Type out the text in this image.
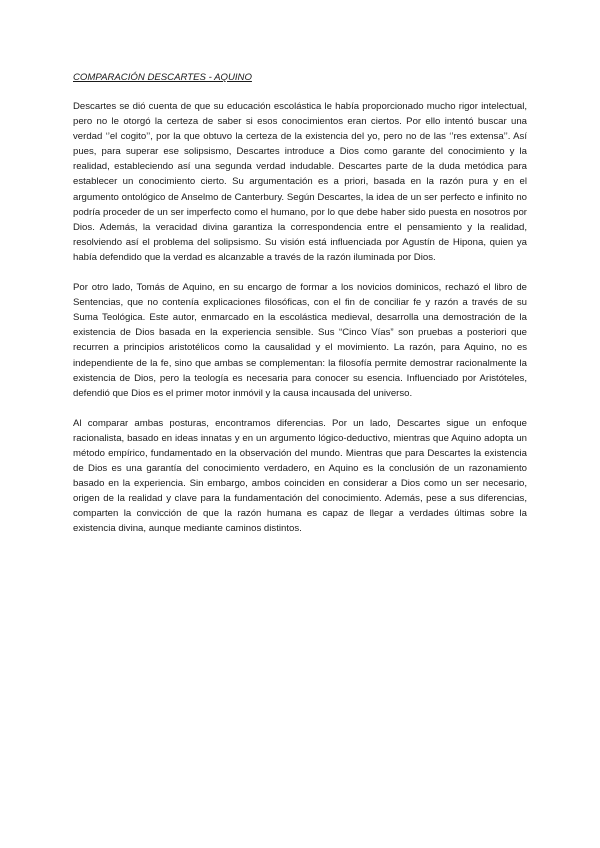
COMPARACIÓN DESCARTES - AQUINO

Descartes se dió cuenta de que su educación escolástica le había proporcionado mucho rigor intelectual, pero no le otorgó la certeza de saber si esos conocimientos eran ciertos. Por ello intentó buscar una verdad ‘’el cogito’’, por la que obtuvo la certeza de la existencia del yo, pero no de las ‘’res extensa’’. Así pues, para superar ese solipsismo, Descartes introduce a Dios como garante del conocimiento y la realidad, estableciendo así una segunda verdad indudable. Descartes parte de la duda metódica para establecer un conocimiento cierto. Su argumentación es a priori, basada en la razón pura y en el argumento ontológico de Anselmo de Canterbury. Según Descartes, la idea de un ser perfecto e infinito no podría proceder de un ser imperfecto como el humano, por lo que debe haber sido puesta en nosotros por Dios. Además, la veracidad divina garantiza la correspondencia entre el pensamiento y la realidad, resolviendo así el problema del solipsismo. Su visión está influenciada por Agustín de Hipona, quien ya había defendido que la verdad es alcanzable a través de la razón iluminada por Dios.

Por otro lado, Tomás de Aquino, en su encargo de formar a los novicios dominicos, rechazó el libro de Sentencias, que no contenía explicaciones filosóficas, con el fin de conciliar fe y razón a través de su Suma Teológica. Este autor, enmarcado en la escolástica medieval, desarrolla una demostración de la existencia de Dios basada en la experiencia sensible. Sus “Cinco Vías” son pruebas a posteriori que recurren a principios aristotélicos como la causalidad y el movimiento. La razón, para Aquino, no es independiente de la fe, sino que ambas se complementan: la filosofía permite demostrar racionalmente la existencia de Dios, pero la teología es necesaria para conocer su esencia. Influenciado por Aristóteles, defendió que Dios es el primer motor inmóvil y la causa incausada del universo.

Al comparar ambas posturas, encontramos diferencias. Por un lado, Descartes sigue un enfoque racionalista, basado en ideas innatas y en un argumento lógico-deductivo, mientras que Aquino adopta un método empírico, fundamentado en la observación del mundo. Mientras que para Descartes la existencia de Dios es una garantía del conocimiento verdadero, en Aquino es la conclusión de un razonamiento basado en la experiencia. Sin embargo, ambos coinciden en considerar a Dios como un ser necesario, origen de la realidad y clave para la fundamentación del conocimiento. Además, pese a sus diferencias, comparten la convicción de que la razón humana es capaz de llegar a verdades últimas sobre la existencia divina, aunque mediante caminos distintos.
